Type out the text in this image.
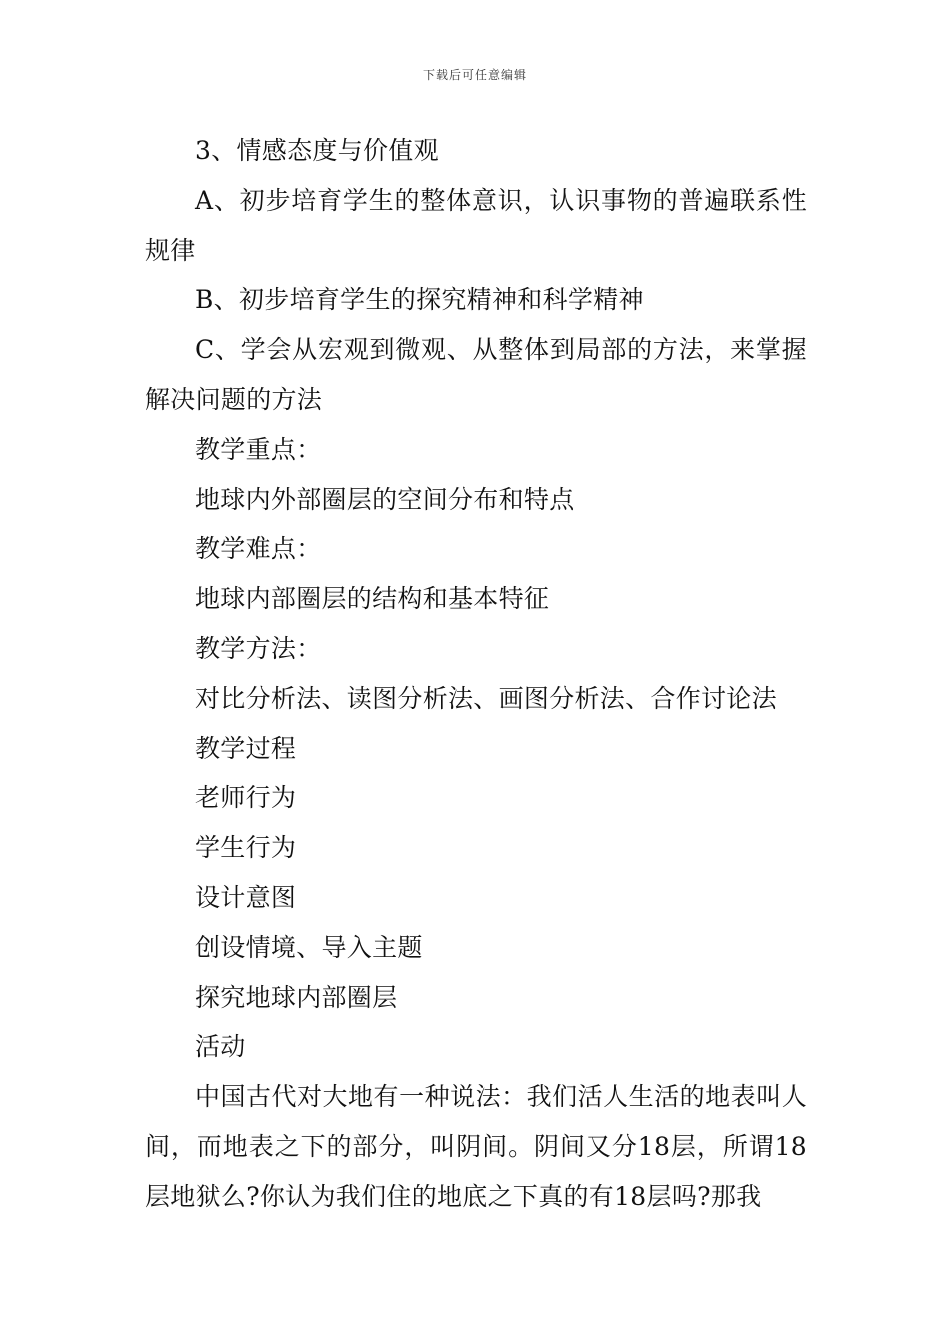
下载后可任意编辑

3、情感态度与价值观

A、初步培育学生的整体意识，认识事物的普遍联系性规律

B、初步培育学生的探究精神和科学精神

C、学会从宏观到微观、从整体到局部的方法，来掌握解决问题的方法

教学重点：

地球内外部圈层的空间分布和特点

教学难点：

地球内部圈层的结构和基本特征

教学方法：

对比分析法、读图分析法、画图分析法、合作讨论法

教学过程

老师行为

学生行为

设计意图

创设情境、导入主题

探究地球内部圈层

活动

中国古代对大地有一种说法：我们活人生活的地表叫人间，而地表之下的部分，叫阴间。阴间又分18层，所谓18层地狱么?你认为我们住的地底之下真的有18层吗?那我
